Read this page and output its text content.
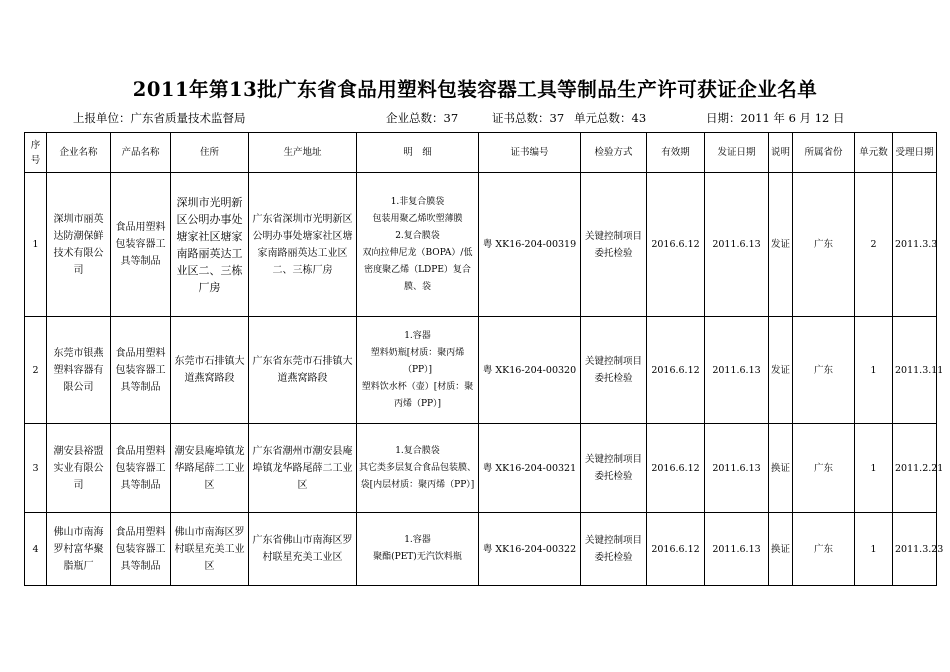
2011年第13批广东省食品用塑料包装容器工具等制品生产许可获证企业名单
上报单位：广东省质量技术监督局	企业总数：37	证书总数：37 单元总数：43	日期：2011 年 6 月 12 日
序号	企业名称	产品名称	住所	生产地址	明　细	证书编号	检验方式	有效期	发证日期	说明	所属省份	单元数	受理日期
1	深圳市丽英达防潮保鲜技术有限公司	食品用塑料包装容器工具等制品	深圳市光明新区公明办事处塘家社区塘家南路丽英达工业区二、三栋厂房	广东省深圳市光明新区公明办事处塘家社区塘家南路丽英达工业区二、三栋厂房	1.非复合膜袋
包装用聚乙烯吹塑薄膜
2.复合膜袋
双向拉伸尼龙（BOPA）/低密度聚乙烯（LDPE）复合膜、袋	粤 XK16-204-00319	关键控制项目委托检验	2016.6.12	2011.6.13	发证	广东	2	2011.3.3
2	东莞市银燕塑料容器有限公司	食品用塑料包装容器工具等制品	东莞市石排镇大道燕窝路段	广东省东莞市石排镇大道燕窝路段	1.容器
塑料奶瓶[材质：聚丙烯（PP）]
塑料饮水杯（壶）[材质：聚丙烯（PP）]	粤 XK16-204-00320	关键控制项目委托检验	2016.6.12	2011.6.13	发证	广东	1	2011.3.11
3	潮安县裕盟实业有限公司	食品用塑料包装容器工具等制品	潮安县庵埠镇龙华路尾薛二工业区	广东省潮州市潮安县庵埠镇龙华路尾薛二工业区	1.复合膜袋
其它类多层复合食品包装膜、袋[内层材质：聚丙烯（PP）]	粤 XK16-204-00321	关键控制项目委托检验	2016.6.12	2011.6.13	换证	广东	1	2011.2.21
4	佛山市南海罗村富华聚脂瓶厂	食品用塑料包装容器工具等制品	佛山市南海区罗村联星充美工业区	广东省佛山市南海区罗村联星充美工业区	1.容器
聚酯(PET)无汽饮料瓶	粤 XK16-204-00322	关键控制项目委托检验	2016.6.12	2011.6.13	换证	广东	1	2011.3.23
